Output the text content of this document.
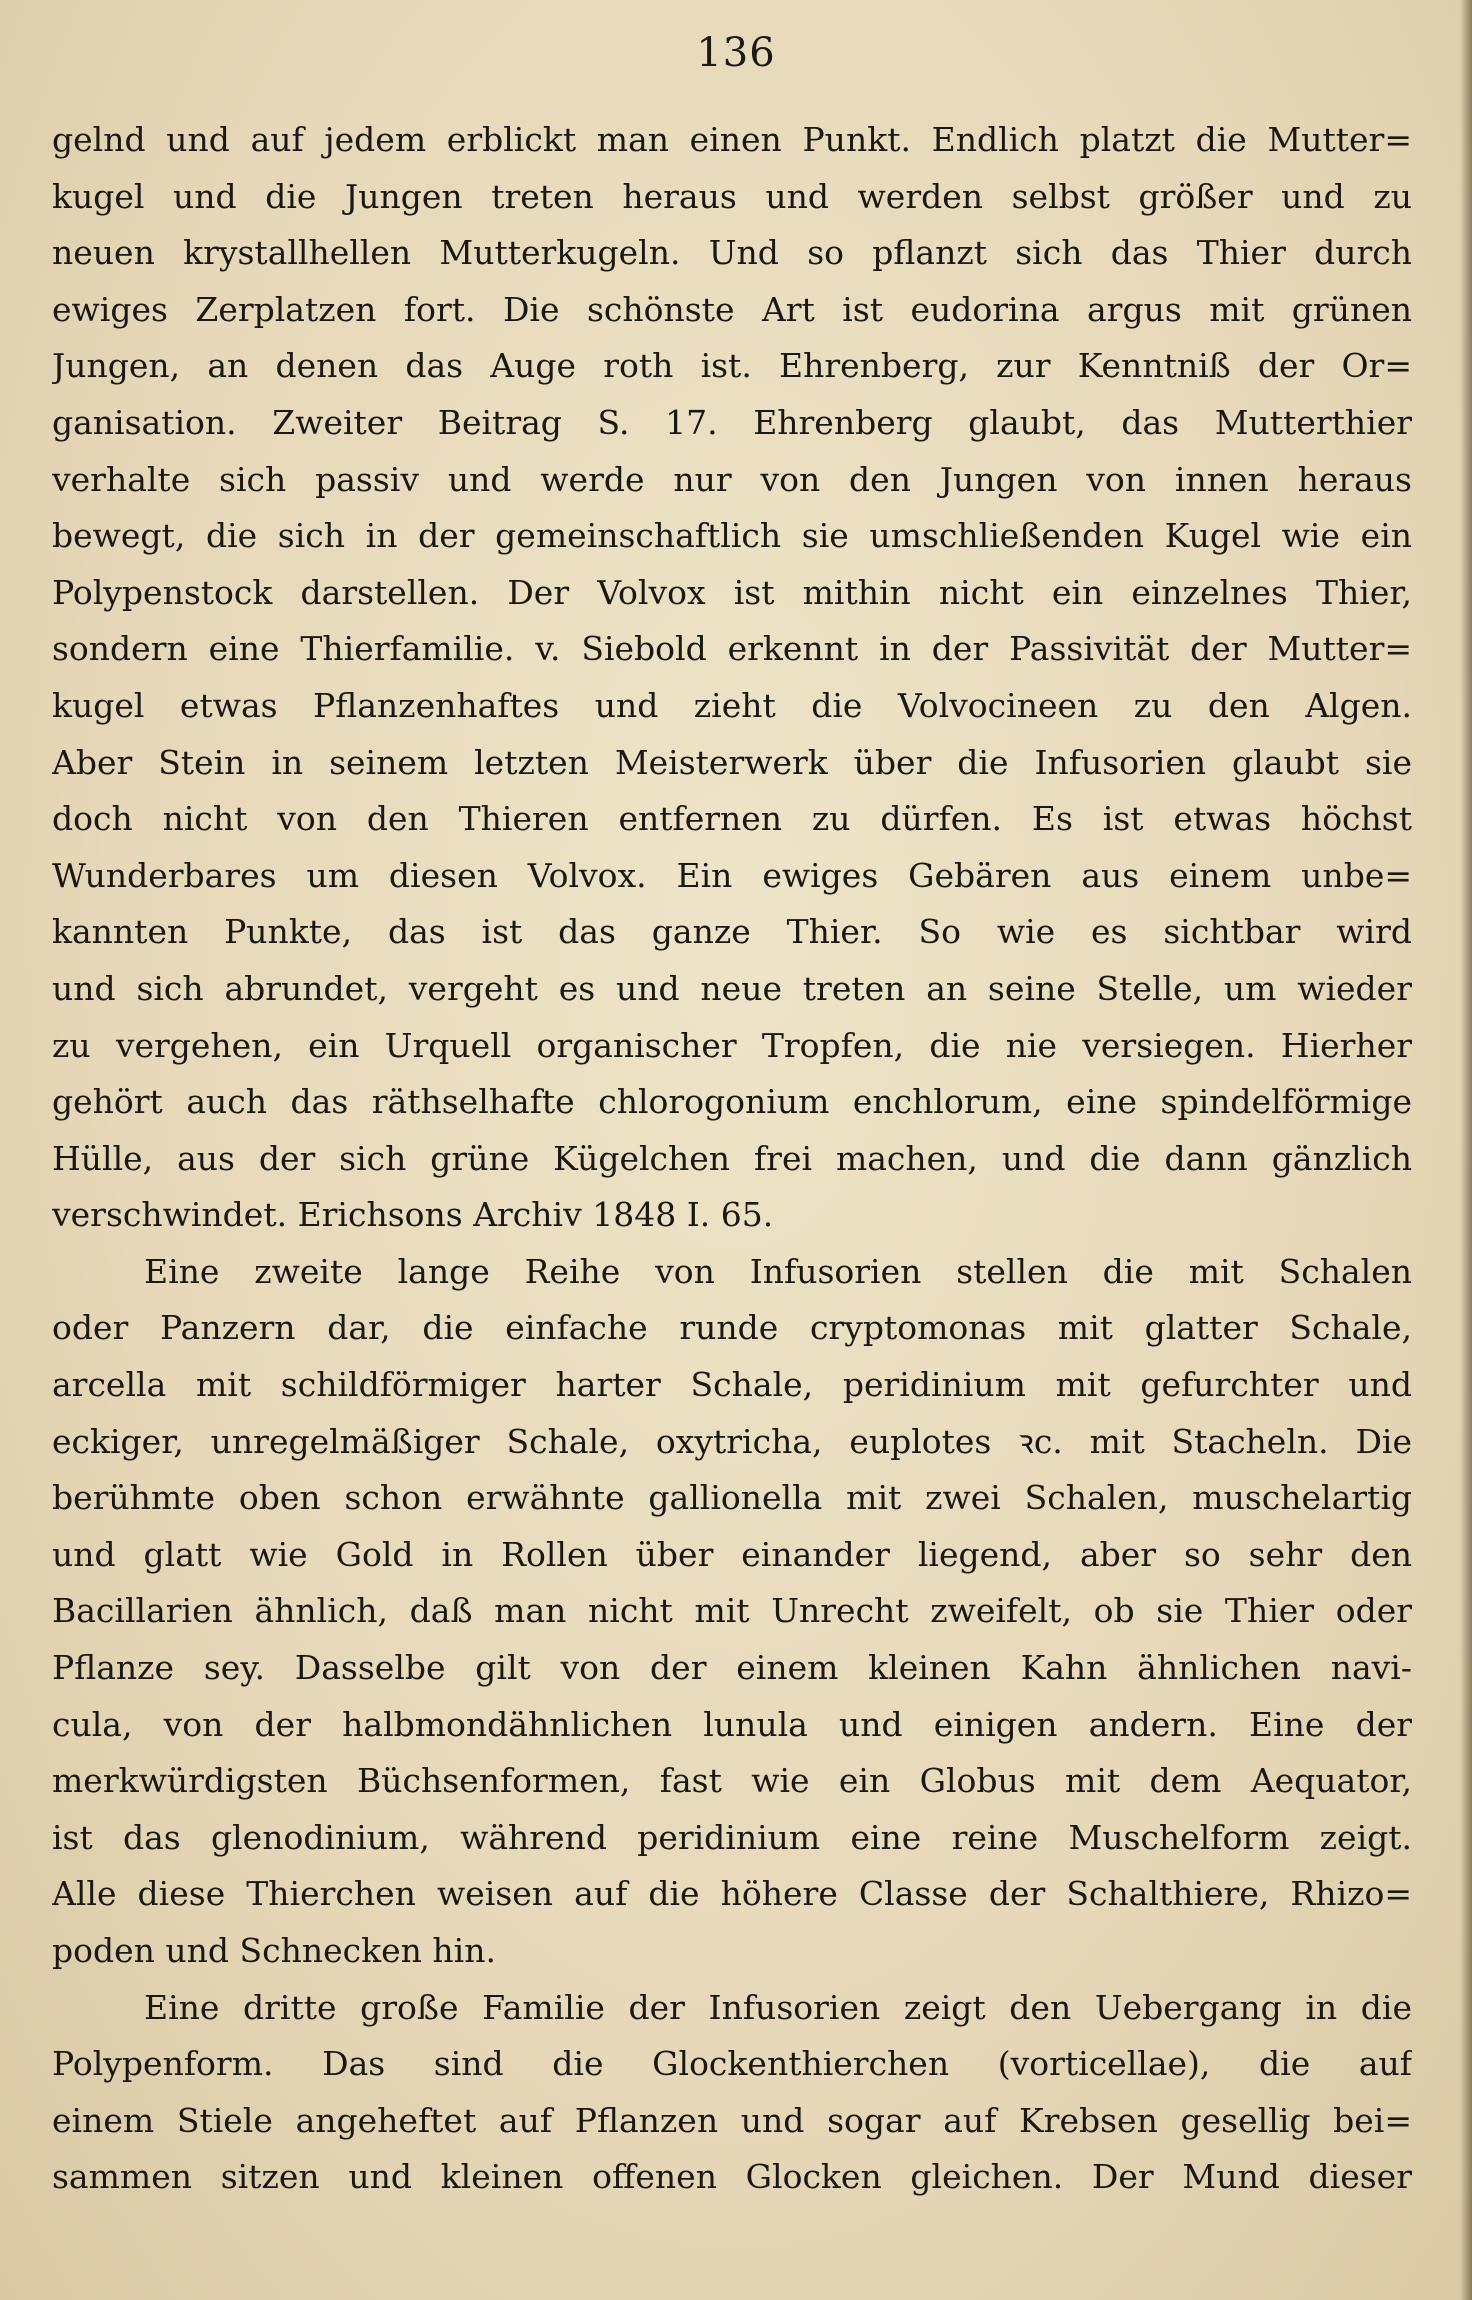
136
gelnd und auf jedem erblickt man einen Punkt. Endlich platzt die Mutter=
kugel und die Jungen treten heraus und werden selbst größer und zu
neuen krystallhellen Mutterkugeln. Und so pflanzt sich das Thier durch
ewiges Zerplatzen fort. Die schönste Art ist eudorina argus mit grünen
Jungen, an denen das Auge roth ist. Ehrenberg, zur Kenntniß der Or=
ganisation. Zweiter Beitrag S. 17. Ehrenberg glaubt, das Mutterthier
verhalte sich passiv und werde nur von den Jungen von innen heraus
bewegt, die sich in der gemeinschaftlich sie umschließenden Kugel wie ein
Polypenstock darstellen. Der Volvox ist mithin nicht ein einzelnes Thier,
sondern eine Thierfamilie. v. Siebold erkennt in der Passivität der Mutter=
kugel etwas Pflanzenhaftes und zieht die Volvocineen zu den Algen.
Aber Stein in seinem letzten Meisterwerk über die Infusorien glaubt sie
doch nicht von den Thieren entfernen zu dürfen. Es ist etwas höchst
Wunderbares um diesen Volvox. Ein ewiges Gebären aus einem unbe=
kannten Punkte, das ist das ganze Thier. So wie es sichtbar wird
und sich abrundet, vergeht es und neue treten an seine Stelle, um wieder
zu vergehen, ein Urquell organischer Tropfen, die nie versiegen. Hierher
gehört auch das räthselhafte chlorogonium enchlorum, eine spindelförmige
Hülle, aus der sich grüne Kügelchen frei machen, und die dann gänzlich
verschwindet. Erichsons Archiv 1848 I. 65.
Eine zweite lange Reihe von Infusorien stellen die mit Schalen
oder Panzern dar, die einfache runde cryptomonas mit glatter Schale,
arcella mit schildförmiger harter Schale, peridinium mit gefurchter und
eckiger, unregelmäßiger Schale, oxytricha, euplotes ꝛc. mit Stacheln. Die
berühmte oben schon erwähnte gallionella mit zwei Schalen, muschelartig
und glatt wie Gold in Rollen über einander liegend, aber so sehr den
Bacillarien ähnlich, daß man nicht mit Unrecht zweifelt, ob sie Thier oder
Pflanze sey. Dasselbe gilt von der einem kleinen Kahn ähnlichen navi-
cula, von der halbmondähnlichen lunula und einigen andern. Eine der
merkwürdigsten Büchsenformen, fast wie ein Globus mit dem Aequator,
ist das glenodinium, während peridinium eine reine Muschelform zeigt.
Alle diese Thierchen weisen auf die höhere Classe der Schalthiere, Rhizo=
poden und Schnecken hin.
Eine dritte große Familie der Infusorien zeigt den Uebergang in die
Polypenform. Das sind die Glockenthierchen (vorticellae), die auf
einem Stiele angeheftet auf Pflanzen und sogar auf Krebsen gesellig bei=
sammen sitzen und kleinen offenen Glocken gleichen. Der Mund dieser
